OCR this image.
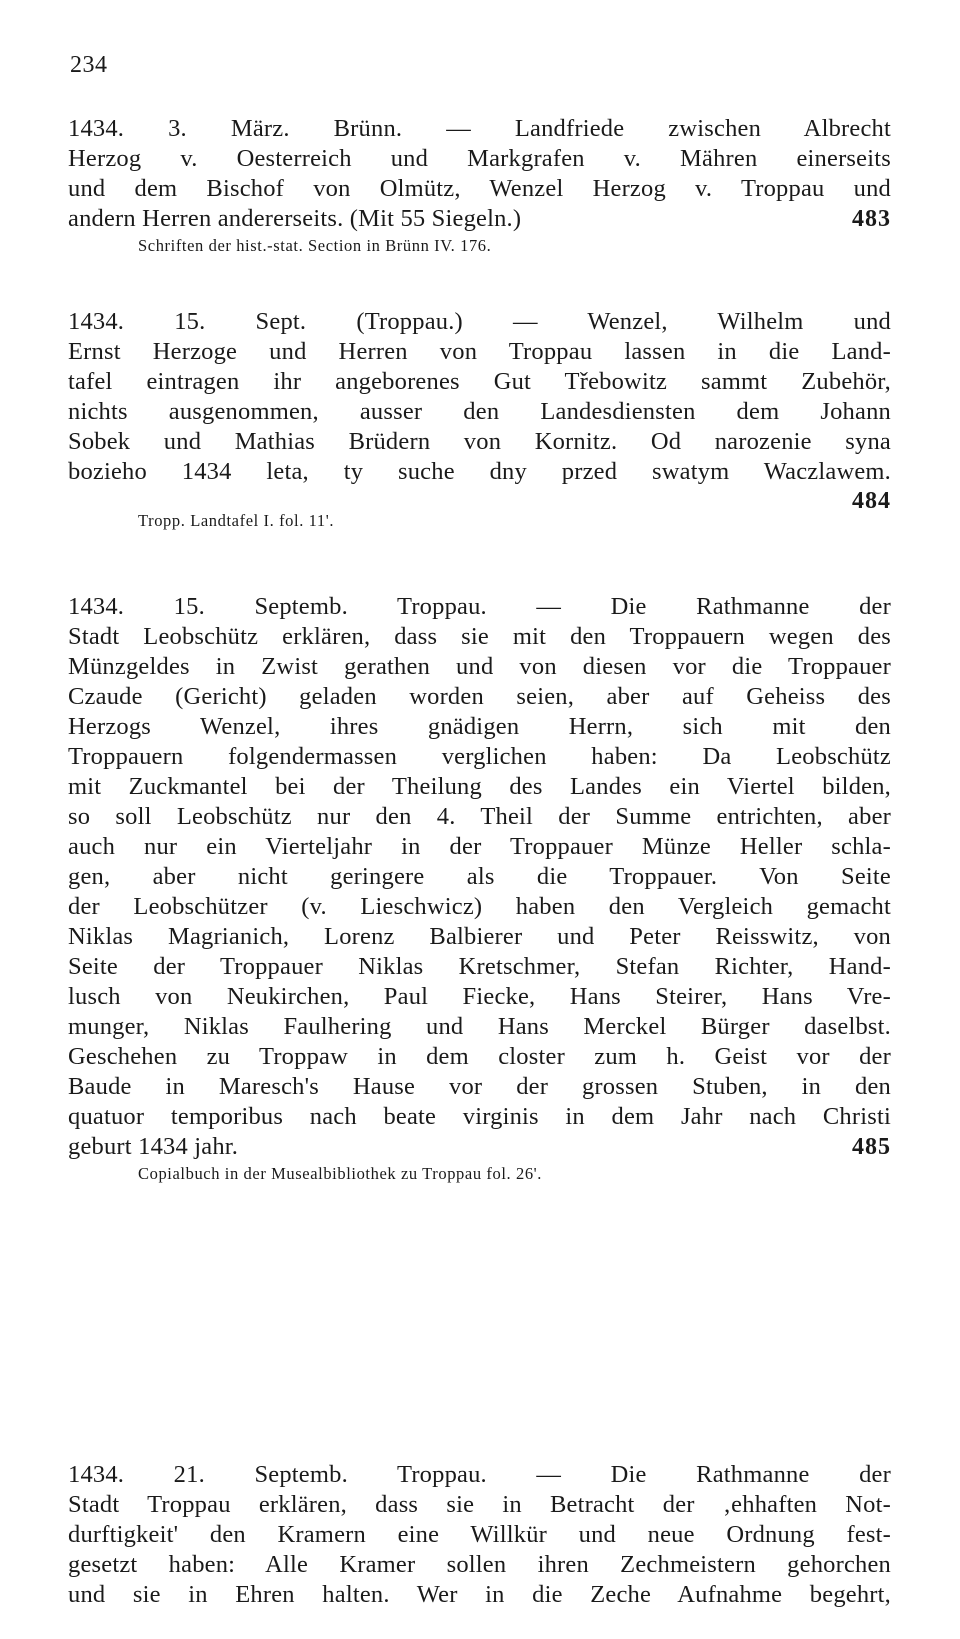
234
1434. 3. März. Brünn. — Landfriede zwischen Albrecht
Herzog v. Oesterreich und Markgrafen v. Mähren einerseits
und dem Bischof von Olmütz, Wenzel Herzog v. Troppau und
andern Herren andererseits. (Mit 55 Siegeln.)	483
Schriften der hist.-stat. Section in Brünn IV. 176.
1434. 15. Sept. (Troppau.) — Wenzel, Wilhelm und
Ernst Herzoge und Herren von Troppau lassen in die Land-
tafel eintragen ihr angeborenes Gut Třebowitz sammt Zubehör,
nichts ausgenommen, ausser den Landesdiensten dem Johann
Sobek und Mathias Brüdern von Kornitz. Od narozenie syna
bozieho 1434 leta, ty suche dny przed swatym Waczlawem.
484
Tropp. Landtafel I. fol. 11'.
1434. 15. Septemb. Troppau. — Die Rathmanne der
Stadt Leobschütz erklären, dass sie mit den Troppauern wegen des
Münzgeldes in Zwist gerathen und von diesen vor die Troppauer
Czaude (Gericht) geladen worden seien, aber auf Geheiss des
Herzogs Wenzel, ihres gnädigen Herrn, sich mit den
Troppauern folgendermassen verglichen haben: Da Leobschütz
mit Zuckmantel bei der Theilung des Landes ein Viertel bilden,
so soll Leobschütz nur den 4. Theil der Summe entrichten, aber
auch nur ein Vierteljahr in der Troppauer Münze Heller schla-
gen, aber nicht geringere als die Troppauer. Von Seite
der Leobschützer (v. Lieschwicz) haben den Vergleich gemacht
Niklas Magrianich, Lorenz Balbierer und Peter Reisswitz, von
Seite der Troppauer Niklas Kretschmer, Stefan Richter, Hand-
lusch von Neukirchen, Paul Fiecke, Hans Steirer, Hans Vre-
munger, Niklas Faulhering und Hans Merckel Bürger daselbst.
Geschehen zu Troppaw in dem closter zum h. Geist vor der
Baude in Maresch's Hause vor der grossen Stuben, in den
quatuor temporibus nach beate virginis in dem Jahr nach Christi
geburt 1434 jahr.	485
Copialbuch in der Musealbibliothek zu Troppau fol. 26'.
1434. 21. Septemb. Troppau. — Die Rathmanne der
Stadt Troppau erklären, dass sie in Betracht der ‚ehhaften Not-
durftigkeit' den Kramern eine Willkür und neue Ordnung fest-
gesetzt haben: Alle Kramer sollen ihren Zechmeistern gehorchen
und sie in Ehren halten. Wer in die Zeche Aufnahme begehrt,
